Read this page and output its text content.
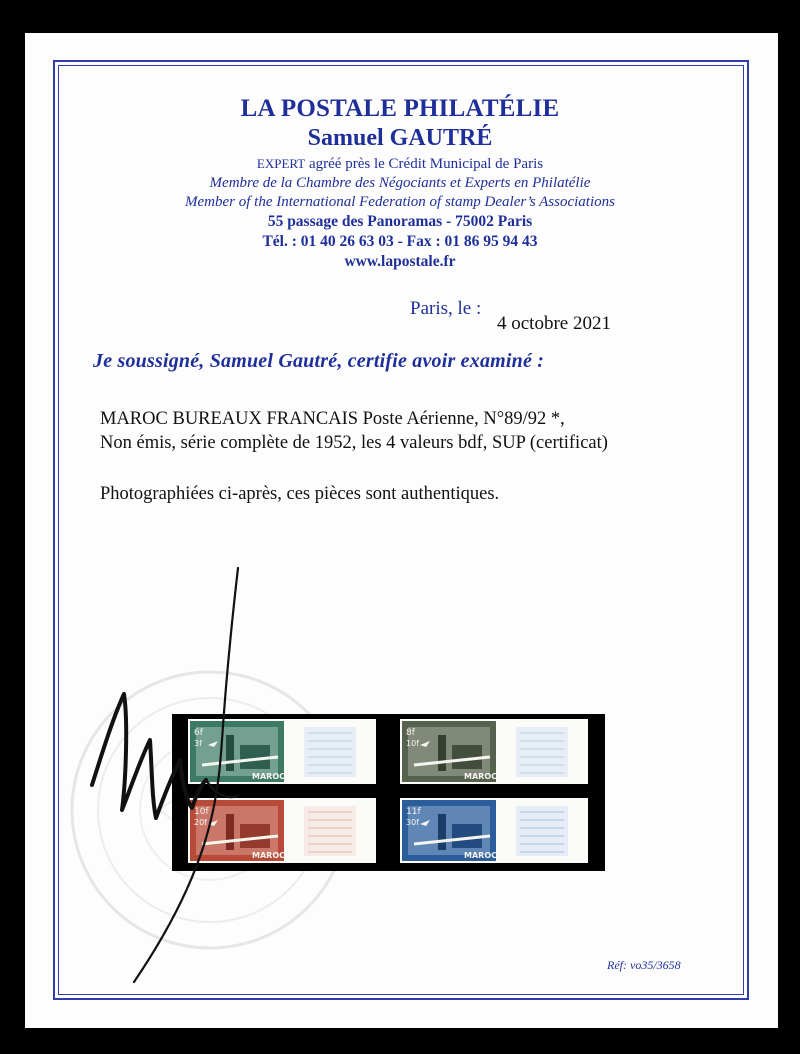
LA POSTALE PHILATÉLIE
Samuel GAUTRÉ
EXPERT agréé près le Crédit Municipal de Paris
Membre de la Chambre des Négociants et Experts en Philatélie
Member of the International Federation of stamp Dealer’s Associations
55 passage des Panoramas - 75002 Paris
Tél. : 01 40 26 63 03 - Fax : 01 86 95 94 43
www.lapostale.fr
Paris, le :
4 octobre 2021
Je soussigné, Samuel Gautré, certifie avoir examiné :
MAROC BUREAUX FRANCAIS Poste Aérienne, N°89/92 *,
Non émis, série complète de 1952, les 4 valeurs bdf, SUP (certificat)
Photographiées ci-après, ces pièces sont authentiques.
6f
3f
MAROC
8f
10f
MAROC
10f
20f
MAROC
11f
30f
MAROC
Réf: vo35/3658
